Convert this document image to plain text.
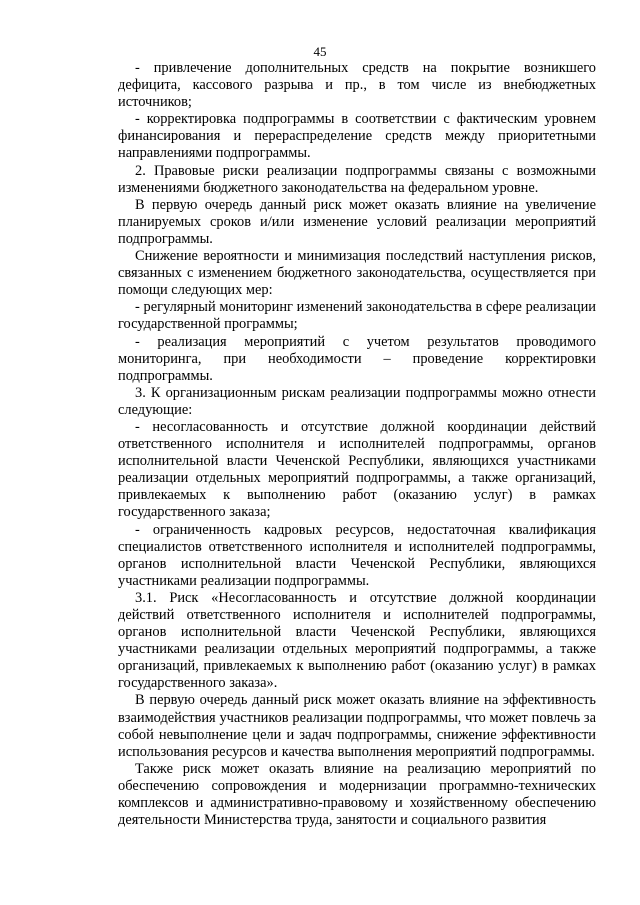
45

- привлечение дополнительных средств на покрытие возникшего дефицита, кассового разрыва и пр., в том числе из внебюджетных источников;

- корректировка подпрограммы в соответствии с фактическим уровнем финансирования и перераспределение средств между приоритетными направлениями подпрограммы.

2. Правовые риски реализации подпрограммы связаны с возможными изменениями бюджетного законодательства на федеральном уровне.

В первую очередь данный риск может оказать влияние на увеличение планируемых сроков и/или изменение условий реализации мероприятий подпрограммы.

Снижение вероятности и минимизация последствий наступления рисков, связанных с изменением бюджетного законодательства, осуществляется при помощи следующих мер:

- регулярный мониторинг изменений законодательства в сфере реализации государственной программы;

- реализация мероприятий с учетом результатов проводимого мониторинга, при необходимости – проведение корректировки подпрограммы.

3. К организационным рискам реализации подпрограммы можно отнести следующие:

- несогласованность и отсутствие должной координации действий ответственного исполнителя и исполнителей подпрограммы, органов исполнительной власти Чеченской Республики, являющихся участниками реализации отдельных мероприятий подпрограммы, а также организаций, привлекаемых к выполнению работ (оказанию услуг) в рамках государственного заказа;

- ограниченность кадровых ресурсов, недостаточная квалификация специалистов ответственного исполнителя и исполнителей подпрограммы, органов исполнительной власти Чеченской Республики, являющихся участниками реализации подпрограммы.

3.1. Риск «Несогласованность и отсутствие должной координации действий ответственного исполнителя и исполнителей подпрограммы, органов исполнительной власти Чеченской Республики, являющихся участниками реализации отдельных мероприятий подпрограммы, а также организаций, привлекаемых к выполнению работ (оказанию услуг) в рамках государственного заказа».

В первую очередь данный риск может оказать влияние на эффективность взаимодействия участников реализации подпрограммы, что может повлечь за собой невыполнение цели и задач подпрограммы, снижение эффективности использования ресурсов и качества выполнения мероприятий подпрограммы.

Также риск может оказать влияние на реализацию мероприятий по обеспечению сопровождения и модернизации программно-технических комплексов и административно-правовому и хозяйственному обеспечению деятельности Министерства труда, занятости и социального развития
